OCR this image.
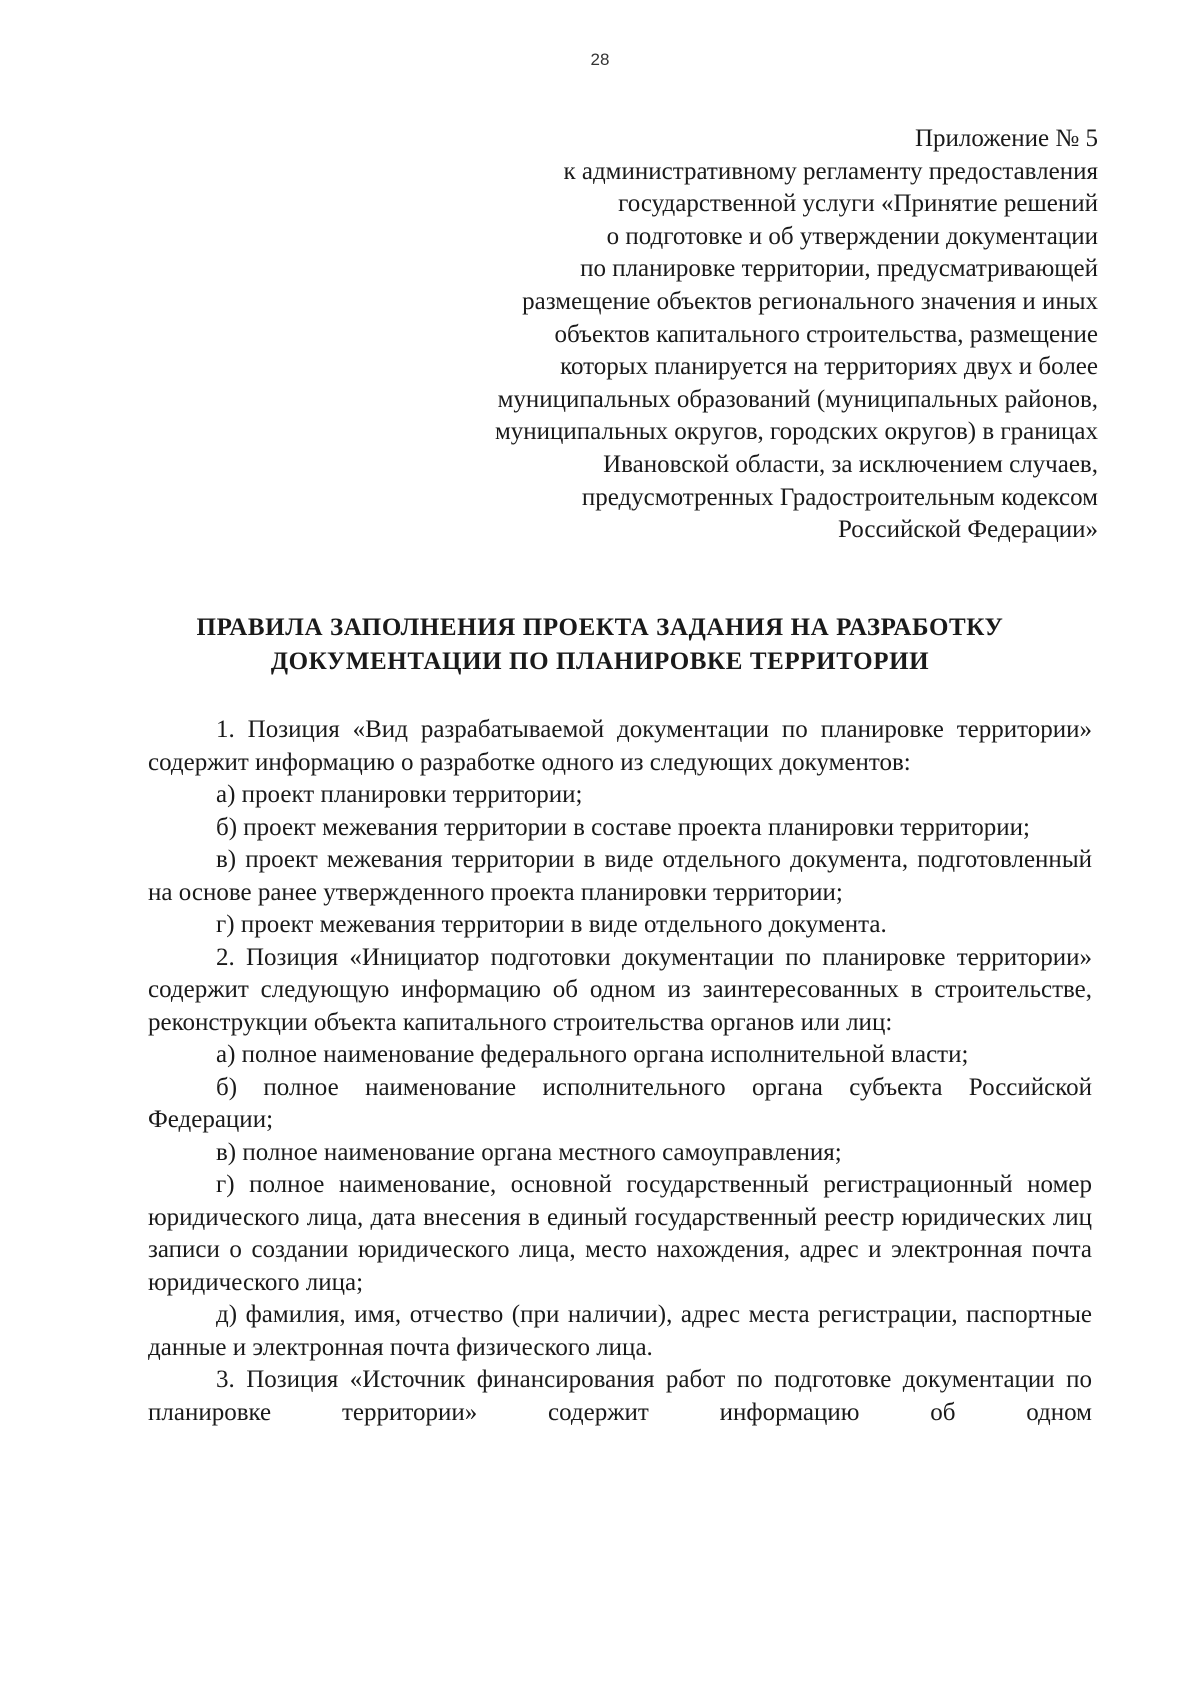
28
Приложение № 5
к административному регламенту предоставления
государственной услуги «Принятие решений
о подготовке и об утверждении документации
по планировке территории, предусматривающей
размещение объектов регионального значения и иных
объектов капитального строительства, размещение
которых планируется на территориях двух и более
муниципальных образований (муниципальных районов,
муниципальных округов, городских округов) в границах
Ивановской области, за исключением случаев,
предусмотренных Градостроительным кодексом
Российской Федерации»
ПРАВИЛА ЗАПОЛНЕНИЯ ПРОЕКТА ЗАДАНИЯ НА РАЗРАБОТКУ
ДОКУМЕНТАЦИИ ПО ПЛАНИРОВКЕ ТЕРРИТОРИИ

1. Позиция «Вид разрабатываемой документации по планировке территории» содержит информацию о разработке одного из следующих документов:

а) проект планировки территории;

б) проект межевания территории в составе проекта планировки территории;

в) проект межевания территории в виде отдельного документа, подготовленный на основе ранее утвержденного проекта планировки территории;

г) проект межевания территории в виде отдельного документа.

2. Позиция «Инициатор подготовки документации по планировке территории» содержит следующую информацию об одном из заинтересованных в строительстве, реконструкции объекта капитального строительства органов или лиц:

а) полное наименование федерального органа исполнительной власти;

б) полное наименование исполнительного органа субъекта Российской Федерации;

в) полное наименование органа местного самоуправления;

г) полное наименование, основной государственный регистрационный номер юридического лица, дата внесения в единый государственный реестр юридических лиц записи о создании юридического лица, место нахождения, адрес и электронная почта юридического лица;

д) фамилия, имя, отчество (при наличии), адрес места регистрации, паспортные данные и электронная почта физического лица.

3. Позиция «Источник финансирования работ по подготовке документации по планировке территории» содержит информацию об одном
